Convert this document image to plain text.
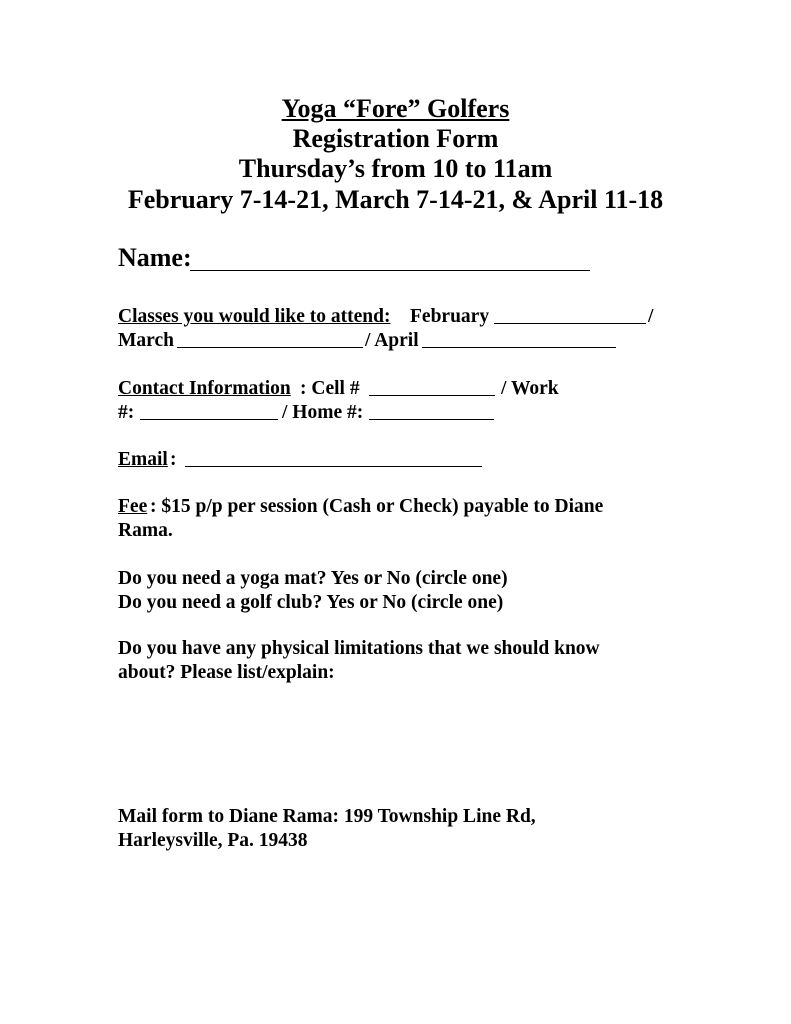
Yoga “Fore” Golfers
Registration Form
Thursday’s from 10 to 11am
February 7-14-21, March 7-14-21, & April 11-18
Name:
Classes you would like to attend: February	/
March	/ April
Contact Information : Cell #	/ Work
#:	/ Home #:
Email :
Fee : $15 p/p per session (Cash or Check) payable to Diane
Rama.
Do you need a yoga mat? Yes or No (circle one)
Do you need a golf club? Yes or No (circle one)
Do you have any physical limitations that we should know
about? Please list/explain:
Mail form to Diane Rama: 199 Township Line Rd,
Harleysville, Pa. 19438
